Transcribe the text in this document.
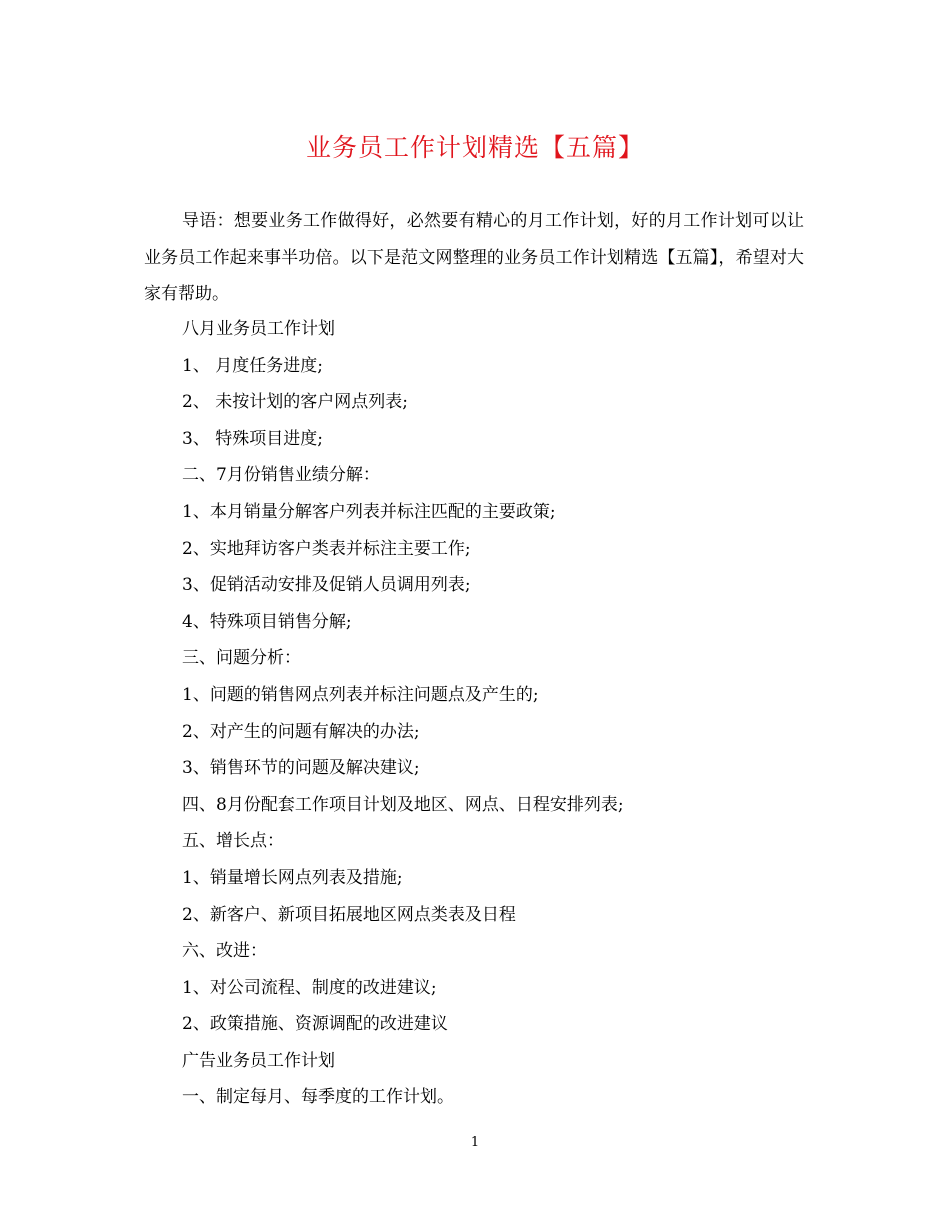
业务员工作计划精选【五篇】

导语：想要业务工作做得好，必然要有精心的月工作计划，好的月工作计划可以让业务员工作起来事半功倍。以下是范文网整理的业务员工作计划精选【五篇】，希望对大家有帮助。

八月业务员工作计划
1、 月度任务进度;
2、 未按计划的客户网点列表;
3、 特殊项目进度;
二、7月份销售业绩分解：
1、本月销量分解客户列表并标注匹配的主要政策;
2、实地拜访客户类表并标注主要工作;
3、促销活动安排及促销人员调用列表;
4、特殊项目销售分解;
三、问题分析：
1、问题的销售网点列表并标注问题点及产生的;
2、对产生的问题有解决的办法;
3、销售环节的问题及解决建议;
四、8月份配套工作项目计划及地区、网点、日程安排列表;
五、增长点：
1、销量增长网点列表及措施;
2、新客户、新项目拓展地区网点类表及日程
六、改进：
1、对公司流程、制度的改进建议;
2、政策措施、资源调配的改进建议
广告业务员工作计划
一、制定每月、每季度的工作计划。
1
